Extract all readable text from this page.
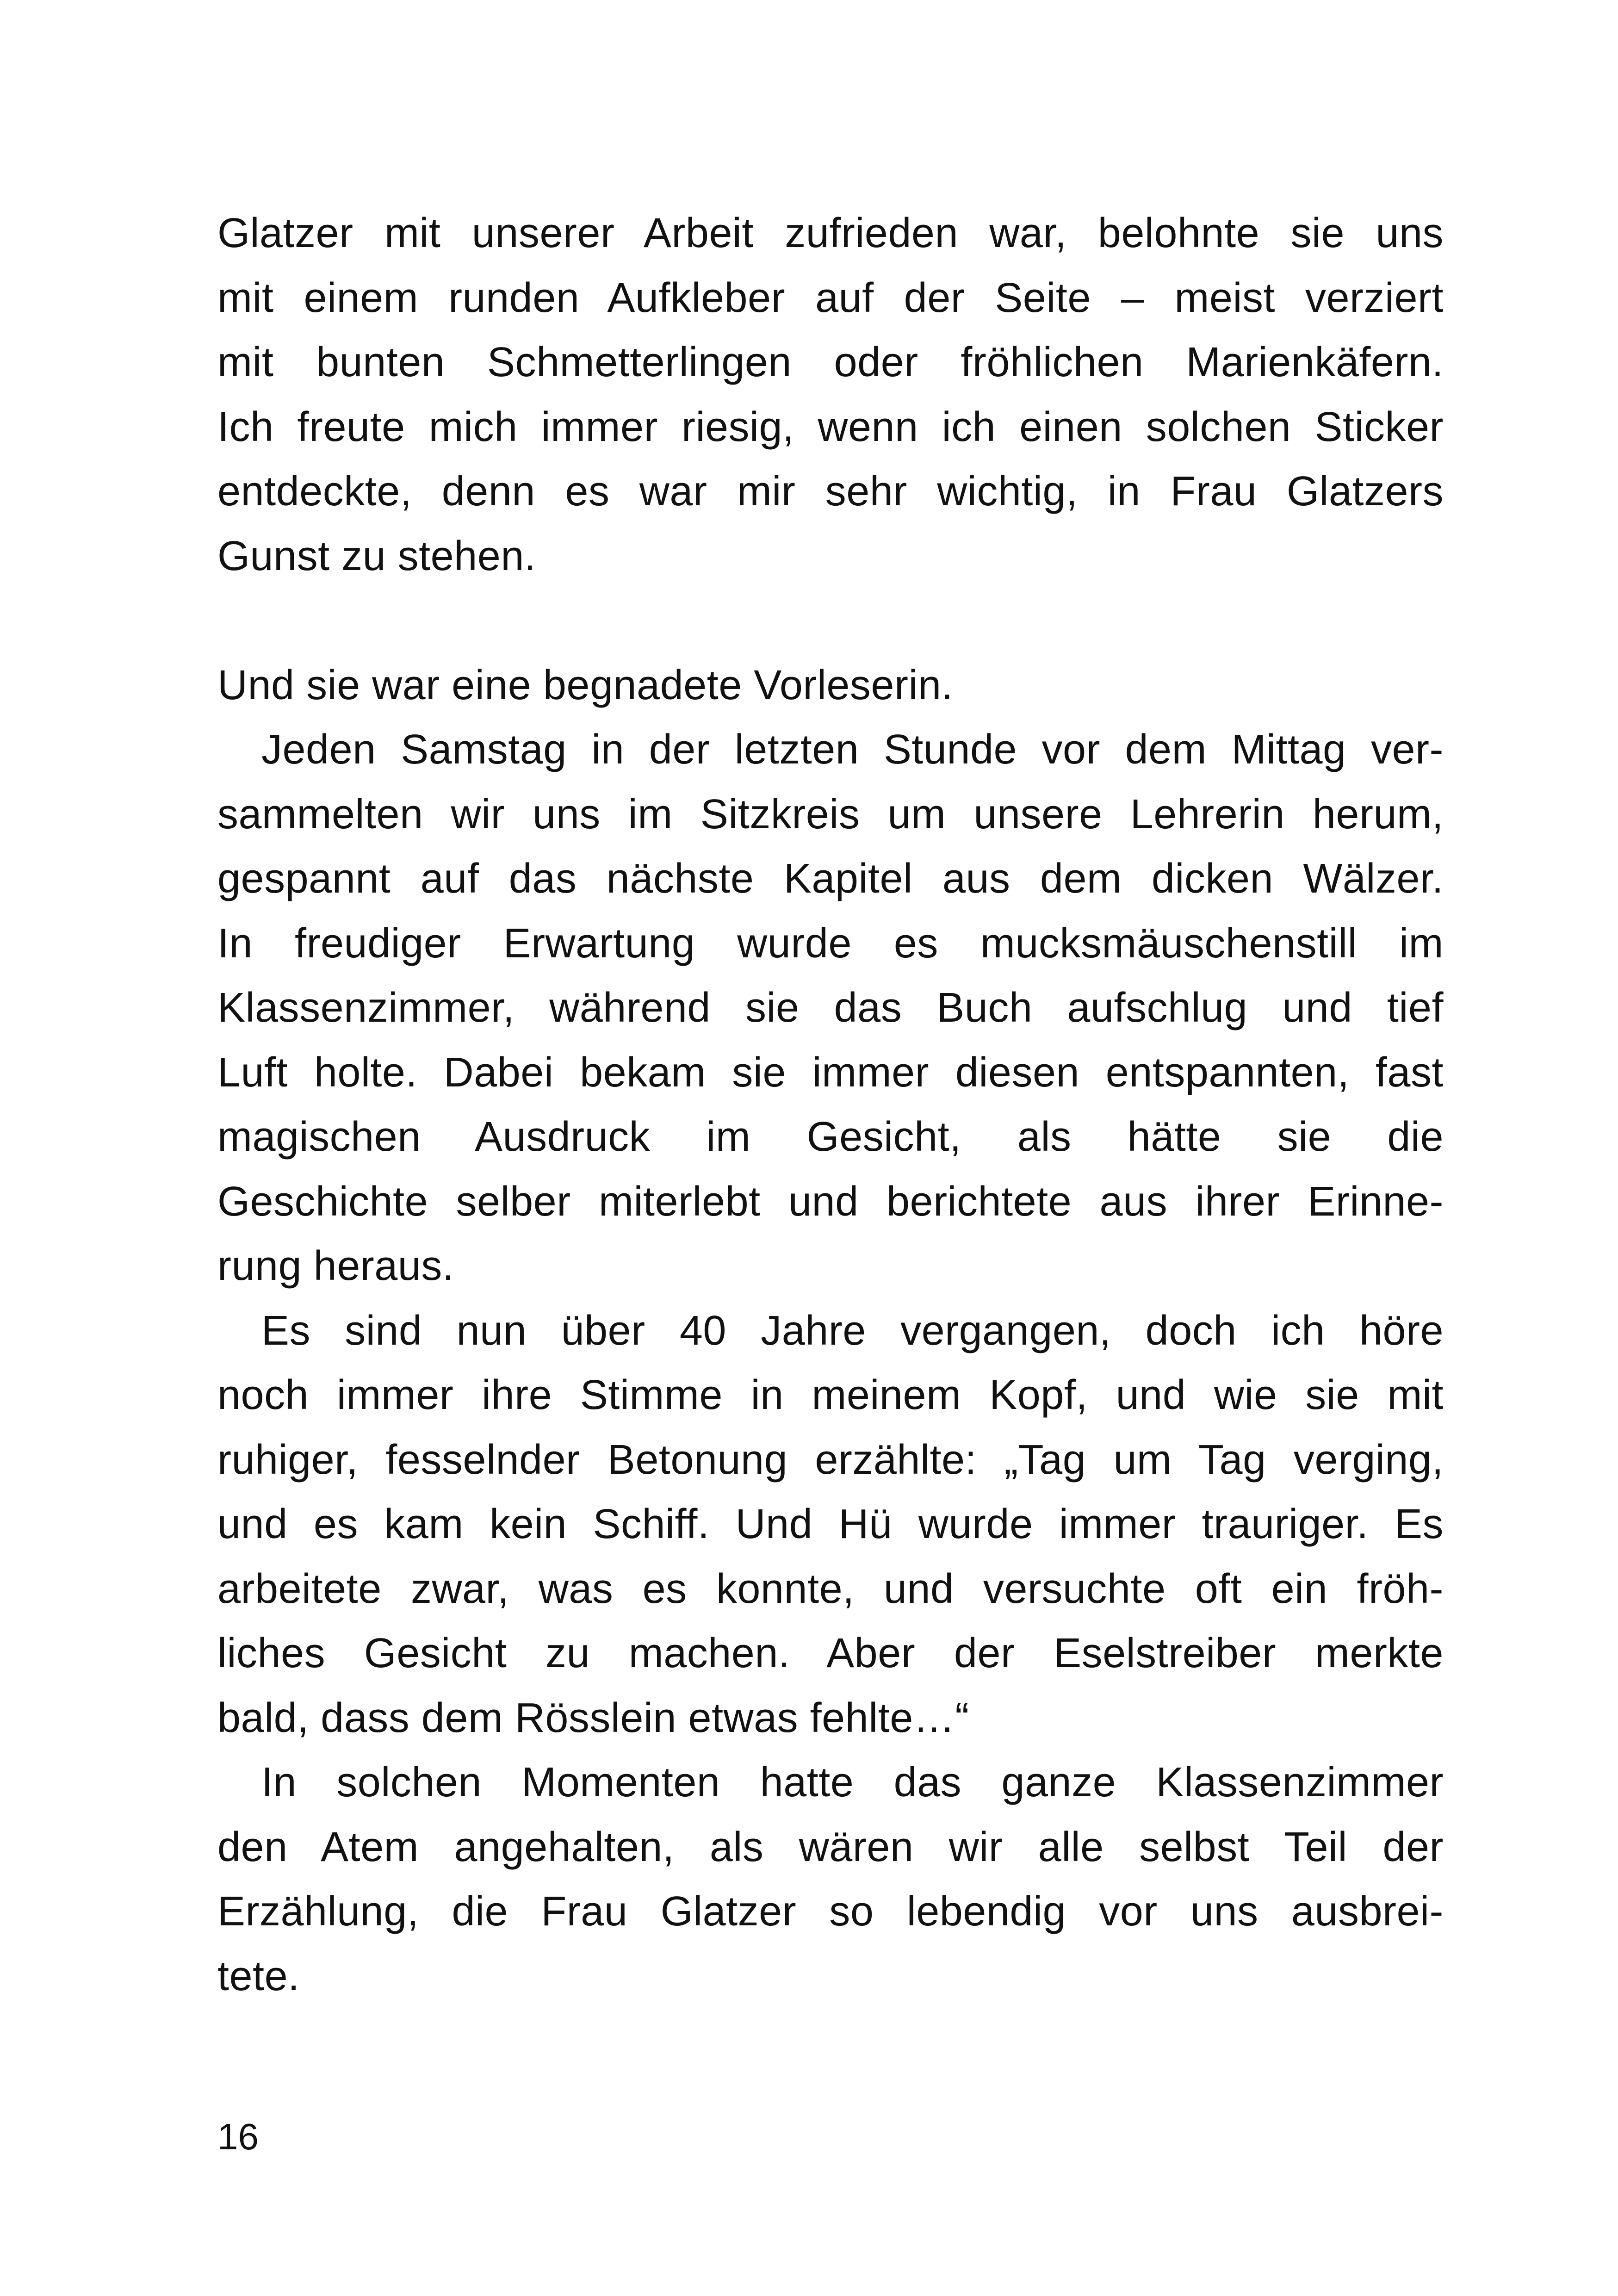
Glatzer mit unserer Arbeit zufrieden war, belohnte sie uns
mit einem runden Aufkleber auf der Seite – meist verziert
mit bunten Schmetterlingen oder fröhlichen Marienkäfern.
Ich freute mich immer riesig, wenn ich einen solchen Sticker
entdeckte, denn es war mir sehr wichtig, in Frau Glatzers
Gunst zu stehen.
Und sie war eine begnadete Vorleserin.
Jeden Samstag in der letzten Stunde vor dem Mittag ver-
sammelten wir uns im Sitzkreis um unsere Lehrerin herum,
gespannt auf das nächste Kapitel aus dem dicken Wälzer.
In freudiger Erwartung wurde es mucksmäuschenstill im
Klassenzimmer, während sie das Buch aufschlug und tief
Luft holte. Dabei bekam sie immer diesen entspannten, fast
magischen Ausdruck im Gesicht, als hätte sie die
Geschichte selber miterlebt und berichtete aus ihrer Erinne-
rung heraus.
Es sind nun über 40 Jahre vergangen, doch ich höre
noch immer ihre Stimme in meinem Kopf, und wie sie mit
ruhiger, fesselnder Betonung erzählte: „Tag um Tag verging,
und es kam kein Schiff. Und Hü wurde immer trauriger. Es
arbeitete zwar, was es konnte, und versuchte oft ein fröh-
liches Gesicht zu machen. Aber der Eselstreiber merkte
bald, dass dem Rösslein etwas fehlte…“
In solchen Momenten hatte das ganze Klassenzimmer
den Atem angehalten, als wären wir alle selbst Teil der
Erzählung, die Frau Glatzer so lebendig vor uns ausbrei-
tete.
16
